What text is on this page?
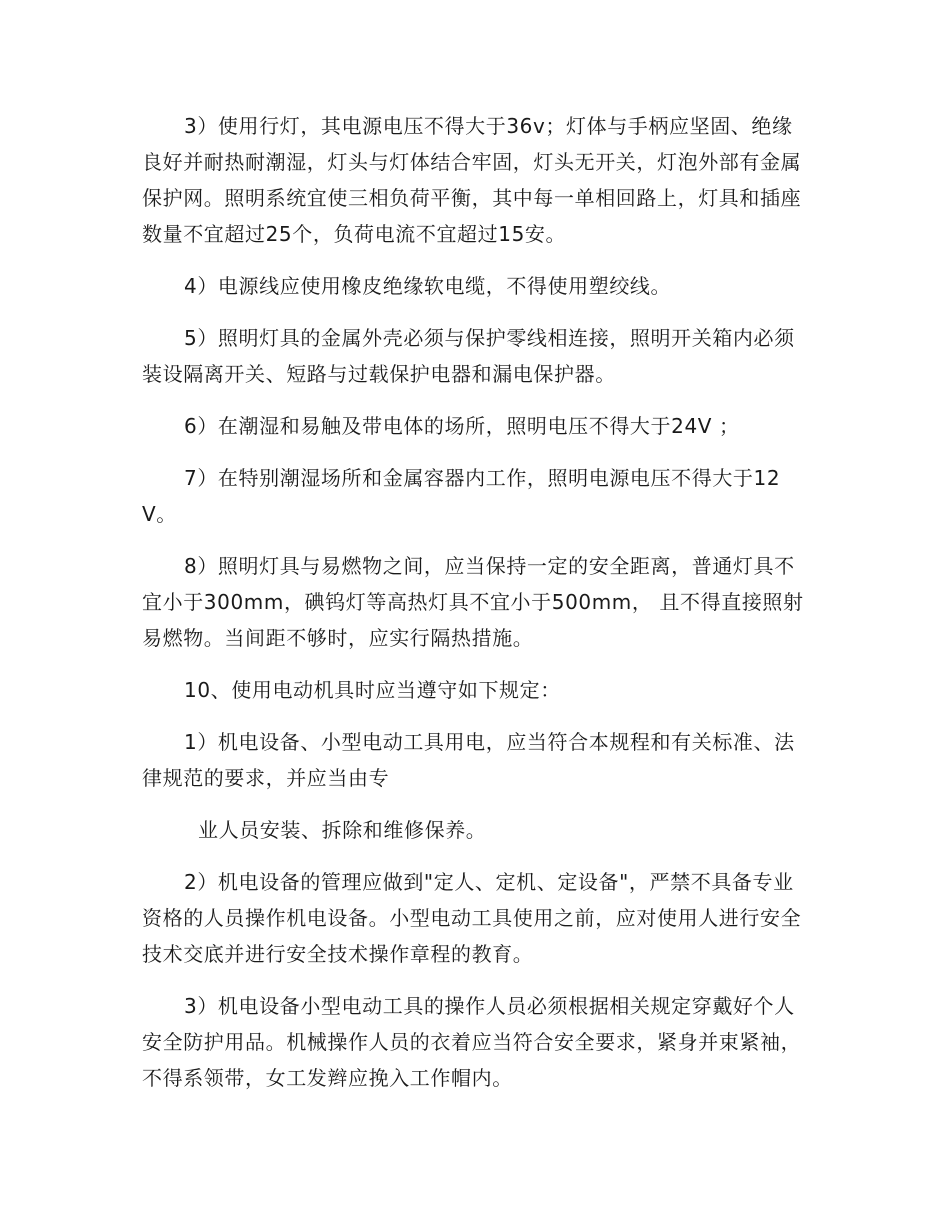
3）使用行灯，其电源电压不得大于36v；灯体与手柄应坚固、绝缘良好并耐热耐潮湿，灯头与灯体结合牢固，灯头无开关，灯泡外部有金属保护网。照明系统宜使三相负荷平衡，其中每一单相回路上，灯具和插座数量不宜超过25个，负荷电流不宜超过15安。

4）电源线应使用橡皮绝缘软电缆，不得使用塑绞线。

5）照明灯具的金属外壳必须与保护零线相连接，照明开关箱内必须装设隔离开关、短路与过载保护电器和漏电保护器。

6）在潮湿和易触及带电体的场所，照明电压不得大于24V ；

7）在特别潮湿场所和金属容器内工作，照明电源电压不得大于12V。

8）照明灯具与易燃物之间，应当保持一定的安全距离，普通灯具不宜小于300mm，碘钨灯等高热灯具不宜小于500mm， 且不得直接照射易燃物。当间距不够时，应实行隔热措施。

10、使用电动机具时应当遵守如下规定：

1）机电设备、小型电动工具用电，应当符合本规程和有关标准、法律规范的要求，并应当由专

业人员安装、拆除和维修保养。

2）机电设备的管理应做到"定人、定机、定设备"，严禁不具备专业资格的人员操作机电设备。小型电动工具使用之前，应对使用人进行安全技术交底并进行安全技术操作章程的教育。

3）机电设备小型电动工具的操作人员必须根据相关规定穿戴好个人安全防护用品。机械操作人员的衣着应当符合安全要求，紧身并束紧袖，不得系领带，女工发辫应挽入工作帽内。
